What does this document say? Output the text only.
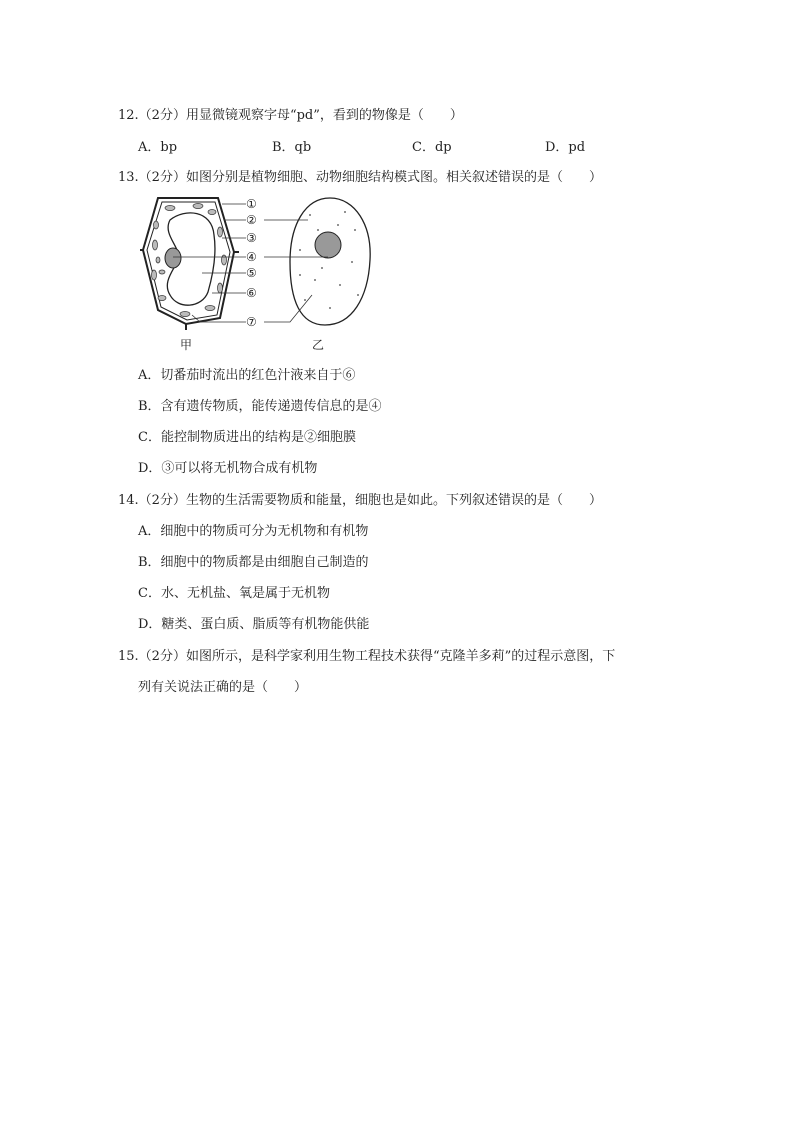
12.（2分）用显微镜观察字母“pd”，看到的物像是（　　）
A．bp	B．qb	C．dp	D．pd
13.（2分）如图分别是植物细胞、动物细胞结构模式图。相关叙述错误的是（　　）
①
②
③
④
⑤
⑥
⑦
甲	乙
A．切番茄时流出的红色汁液来自于⑥
B．含有遗传物质，能传递遗传信息的是④
C．能控制物质进出的结构是②细胞膜
D．③可以将无机物合成有机物
14.（2分）生物的生活需要物质和能量，细胞也是如此。下列叙述错误的是（　　）
A．细胞中的物质可分为无机物和有机物
B．细胞中的物质都是由细胞自己制造的
C．水、无机盐、氧是属于无机物
D．糖类、蛋白质、脂质等有机物能供能
15.（2分）如图所示，是科学家利用生物工程技术获得“克隆羊多莉”的过程示意图，下
列有关说法正确的是（　　）
